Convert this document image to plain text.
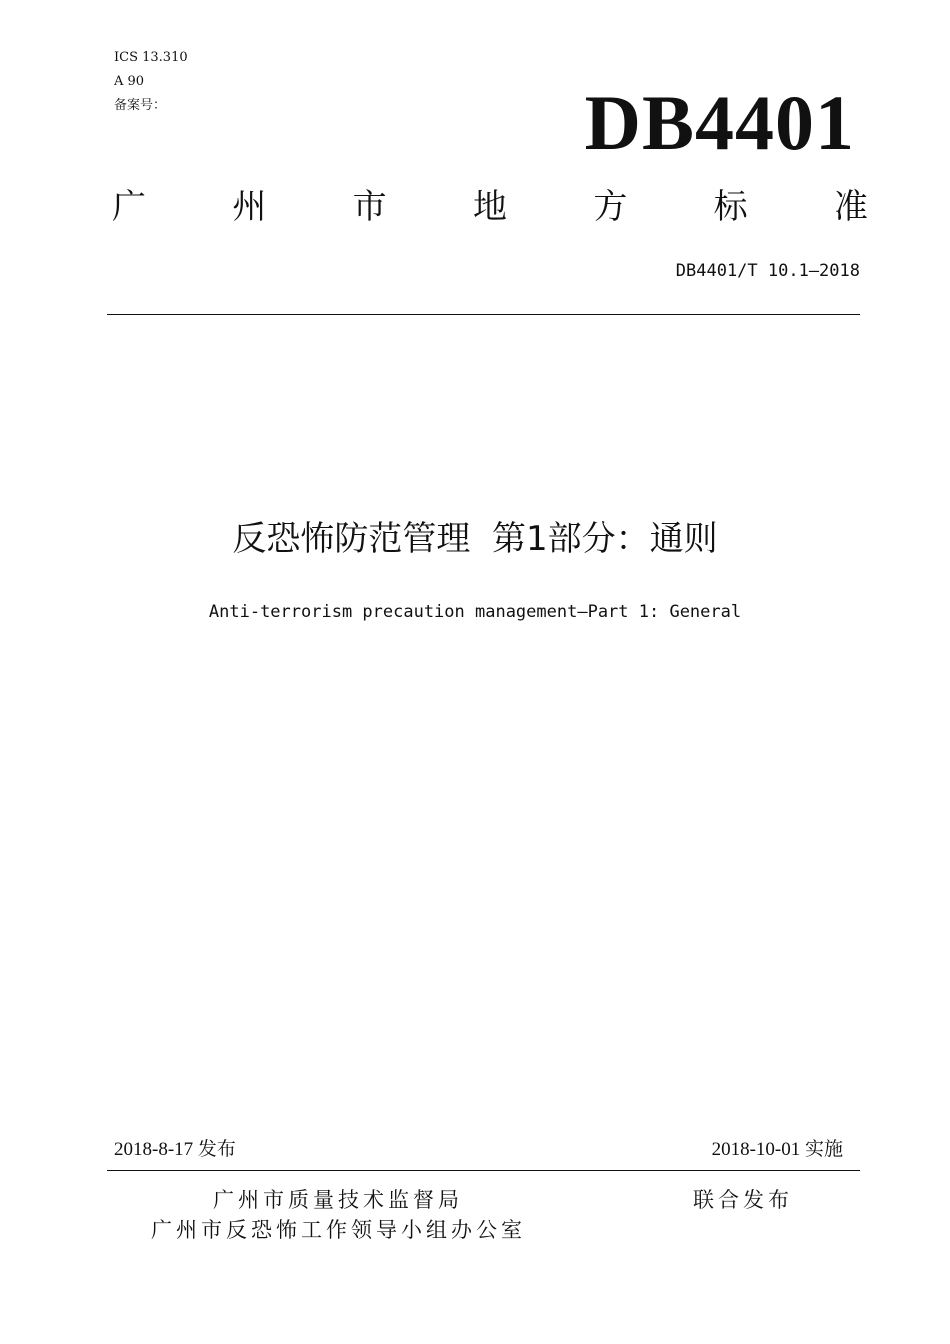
ICS 13.310
A 90
备案号：	DB4401
广	州	市	地	方	标	准
DB4401/T 10.1—2018
反恐怖防范管理  第1部分：通则
Anti-terrorism precaution management—Part 1: General
2018-8-17 发布	2018-10-01 实施
广州市质量技术监督局
广州市反恐怖工作领导小组办公室
联合发布
